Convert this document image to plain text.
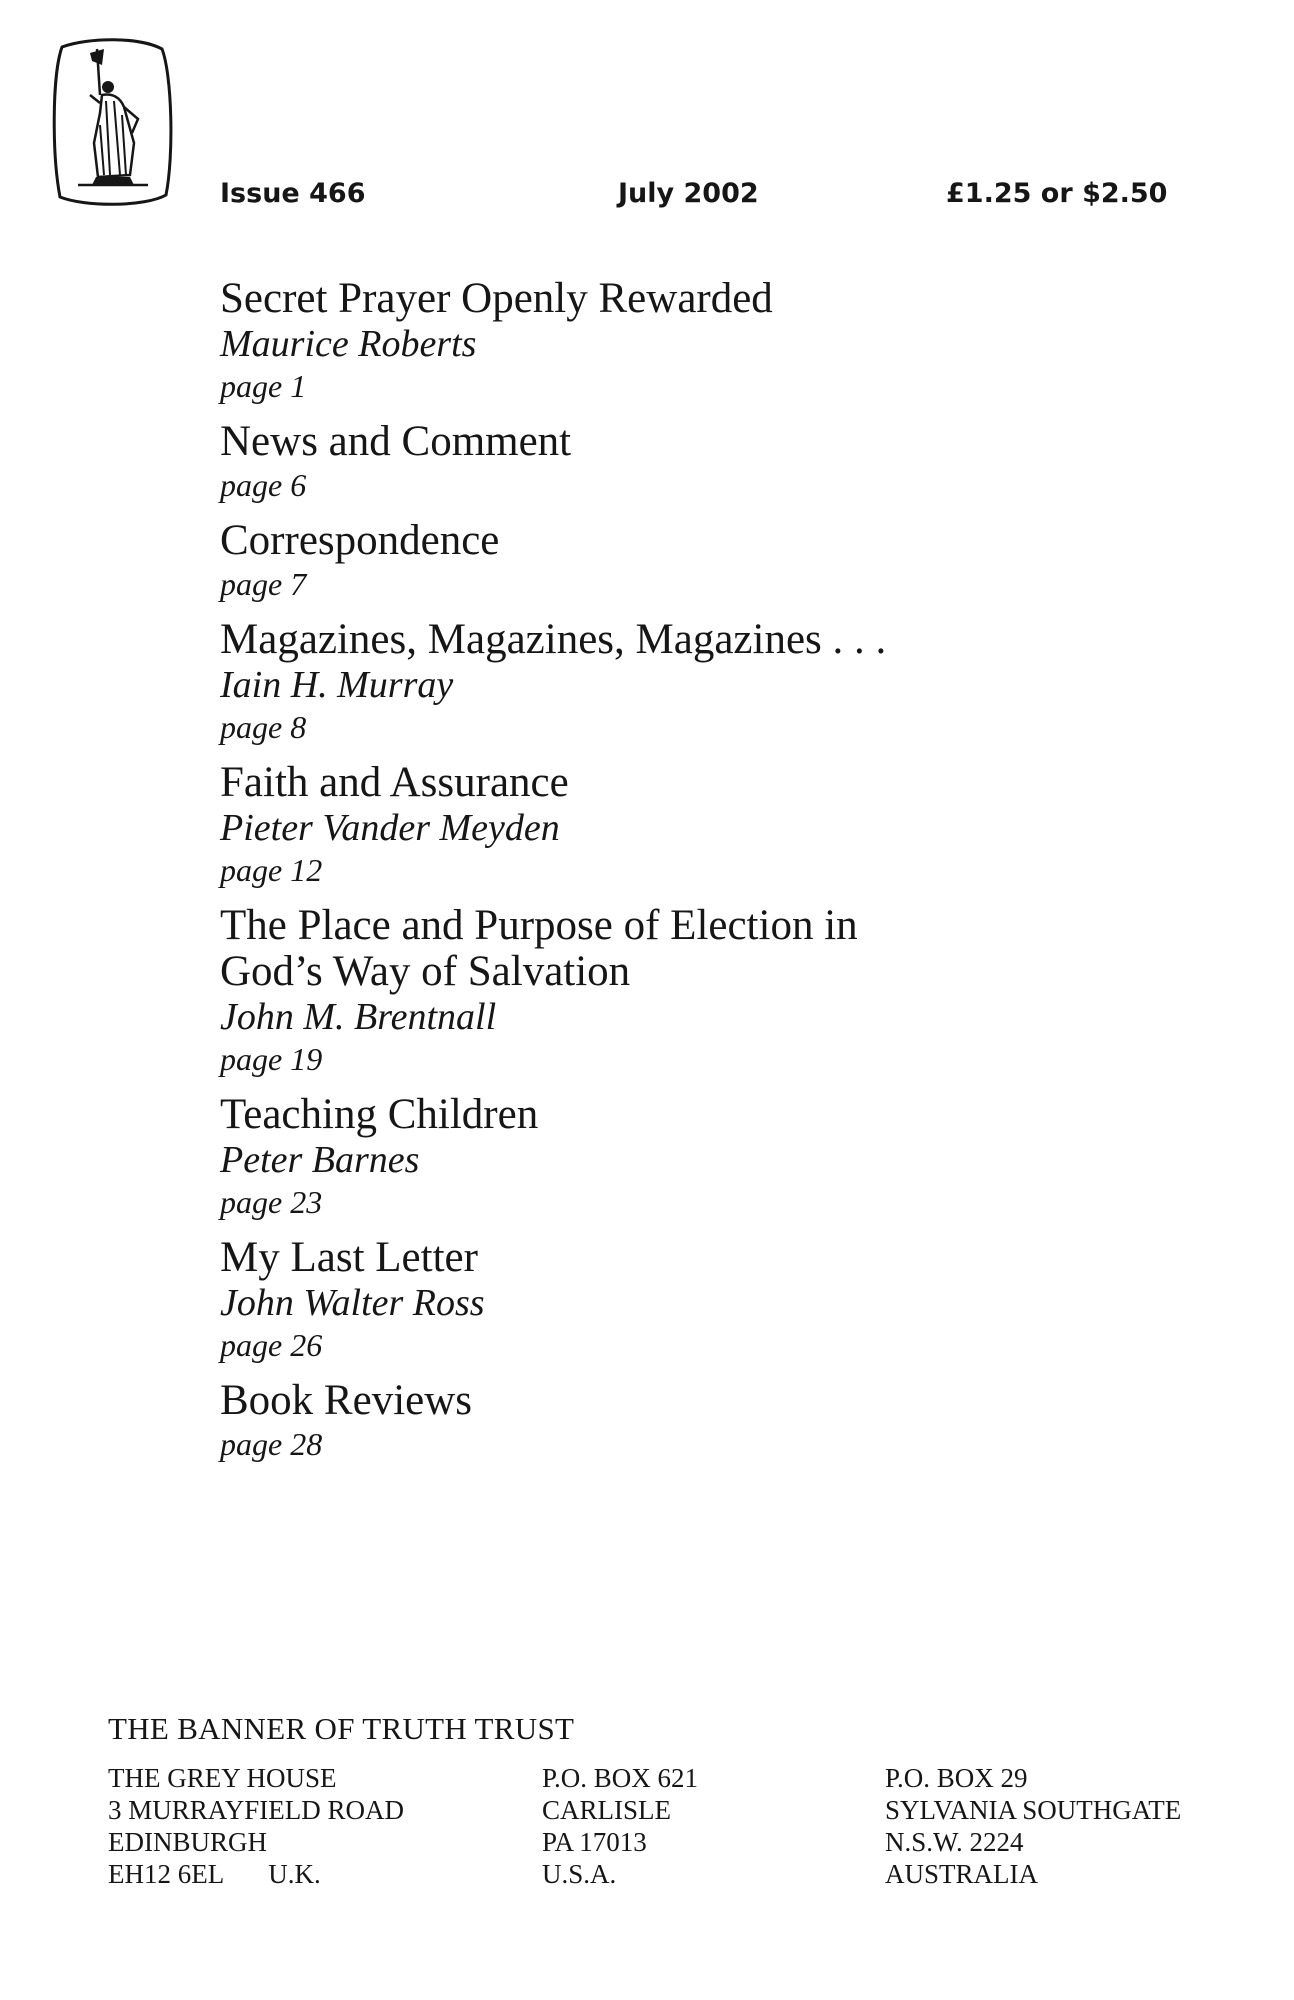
Issue 466	July 2002	£1.25 or $2.50
Secret Prayer Openly Rewarded
Maurice Roberts
page 1
News and Comment
page 6
Correspondence
page 7
Magazines, Magazines, Magazines . . .
Iain H. Murray
page 8
Faith and Assurance
Pieter Vander Meyden
page 12
The Place and Purpose of Election in
God’s Way of Salvation
John M. Brentnall
page 19
Teaching Children
Peter Barnes
page 23
My Last Letter
John Walter Ross
page 26
Book Reviews
page 28
THE BANNER OF TRUTH TRUST
THE GREY HOUSE
3 MURRAYFIELD ROAD
EDINBURGH
EH12 6EL U.K.
P.O. BOX 621
CARLISLE
PA 17013
U.S.A.
P.O. BOX 29
SYLVANIA SOUTHGATE
N.S.W. 2224
AUSTRALIA
